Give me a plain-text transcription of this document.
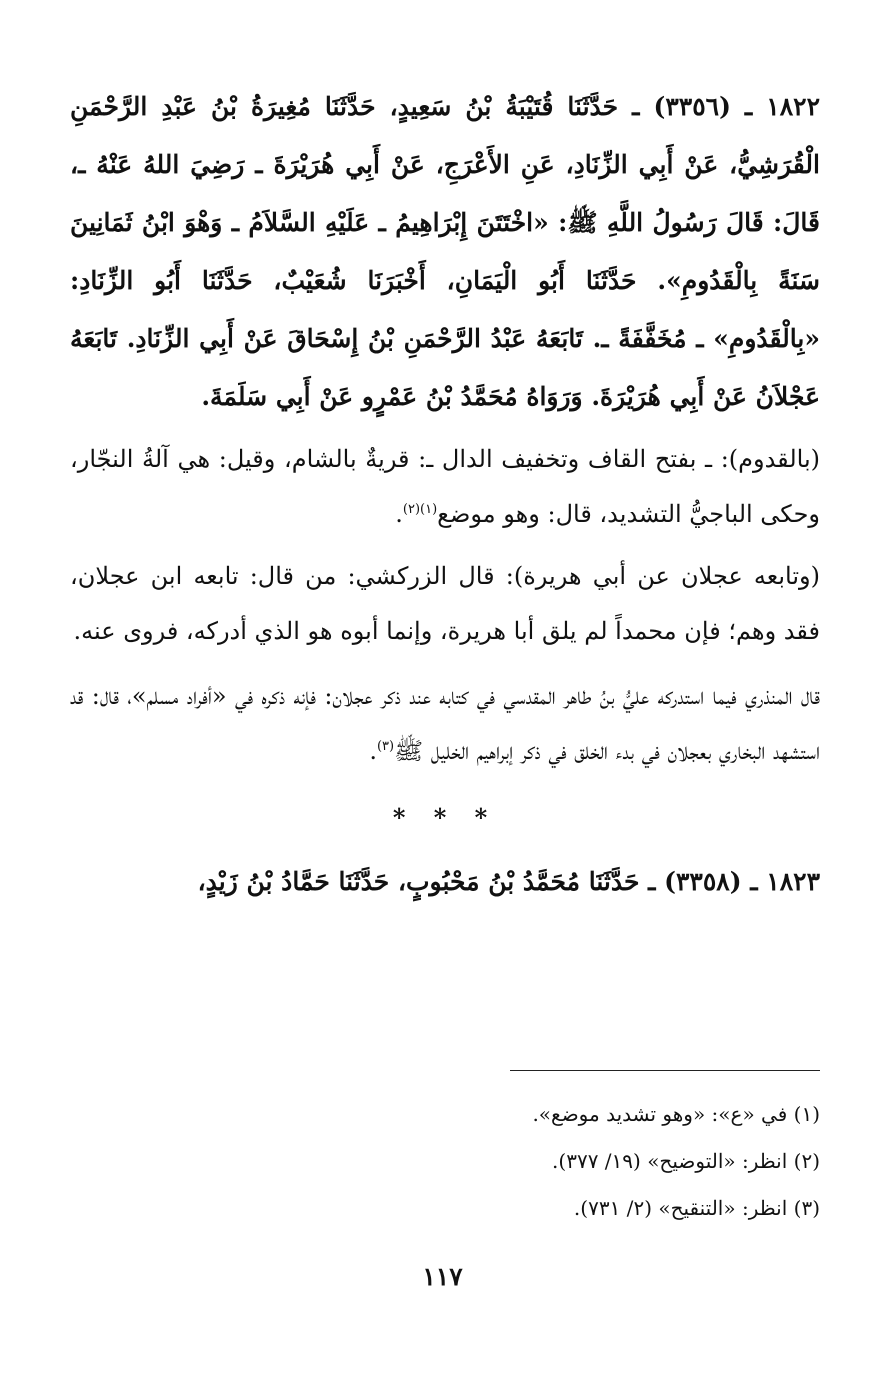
١٨٢٢ ـ (٣٣٥٦) ـ حَدَّثَنَا قُتَيْبَةُ بْنُ سَعِيدٍ، حَدَّثَنَا مُغِيرَةُ بْنُ عَبْدِ الرَّحْمَنِ الْقُرَشِيُّ، عَنْ أَبِي الزِّنَادِ، عَنِ الأَعْرَجِ، عَنْ أَبِي هُرَيْرَةَ ـ رَضِيَ اللهُ عَنْهُ ـ، قَالَ: قَالَ رَسُولُ اللَّهِ ﷺ: «اخْتَتَنَ إِبْرَاهِيمُ ـ عَلَيْهِ السَّلاَمُ ـ وَهْوَ ابْنُ ثَمَانِينَ سَنَةً بِالْقَدُومِ». حَدَّثَنَا أَبُو الْيَمَانِ، أَخْبَرَنَا شُعَيْبٌ، حَدَّثَنَا أَبُو الزِّنَادِ: «بِالْقَدُومِ» ـ مُخَفَّفَةً ـ. تَابَعَهُ عَبْدُ الرَّحْمَنِ بْنُ إِسْحَاقَ عَنْ أَبِي الزِّنَادِ. تَابَعَهُ عَجْلاَنُ عَنْ أَبِي هُرَيْرَةَ. وَرَوَاهُ مُحَمَّدُ بْنُ عَمْرٍو عَنْ أَبِي سَلَمَةَ.

(بالقدوم): ـ بفتح القاف وتخفيف الدال ـ: قريةٌ بالشام، وقيل: هي آلةُ النجّار، وحكى الباجيُّ التشديد، قال: وهو موضع$^{(١)(٢)}$.

(وتابعه عجلان عن أبي هريرة): قال الزركشي: من قال: تابعه ابن عجلان، فقد وهم؛ فإن محمداً لم يلق أبا هريرة، وإنما أبوه هو الذي أدركه، فروى عنه.

قال المنذري فيما استدركه عليُّ بنُ طاهر المقدسي في كتابه عند ذكر عجلان: فإنه ذكره في «أفراد مسلم»، قال: قد استشهد البخاري بعجلان في بدء الخلق في ذكر إبراهيم الخليل ﷺ$^{(٣)}$.

* * *

١٨٢٣ ـ (٣٣٥٨) ـ حَدَّثَنَا مُحَمَّدُ بْنُ مَحْبُوبٍ، حَدَّثَنَا حَمَّادُ بْنُ زَيْدٍ،

(١) في «ع»: «وهو تشديد موضع».

(٢) انظر: «التوضيح» (١٩/ ٣٧٧).

(٣) انظر: «التنقيح» (٢/ ٧٣١).

١١٧
